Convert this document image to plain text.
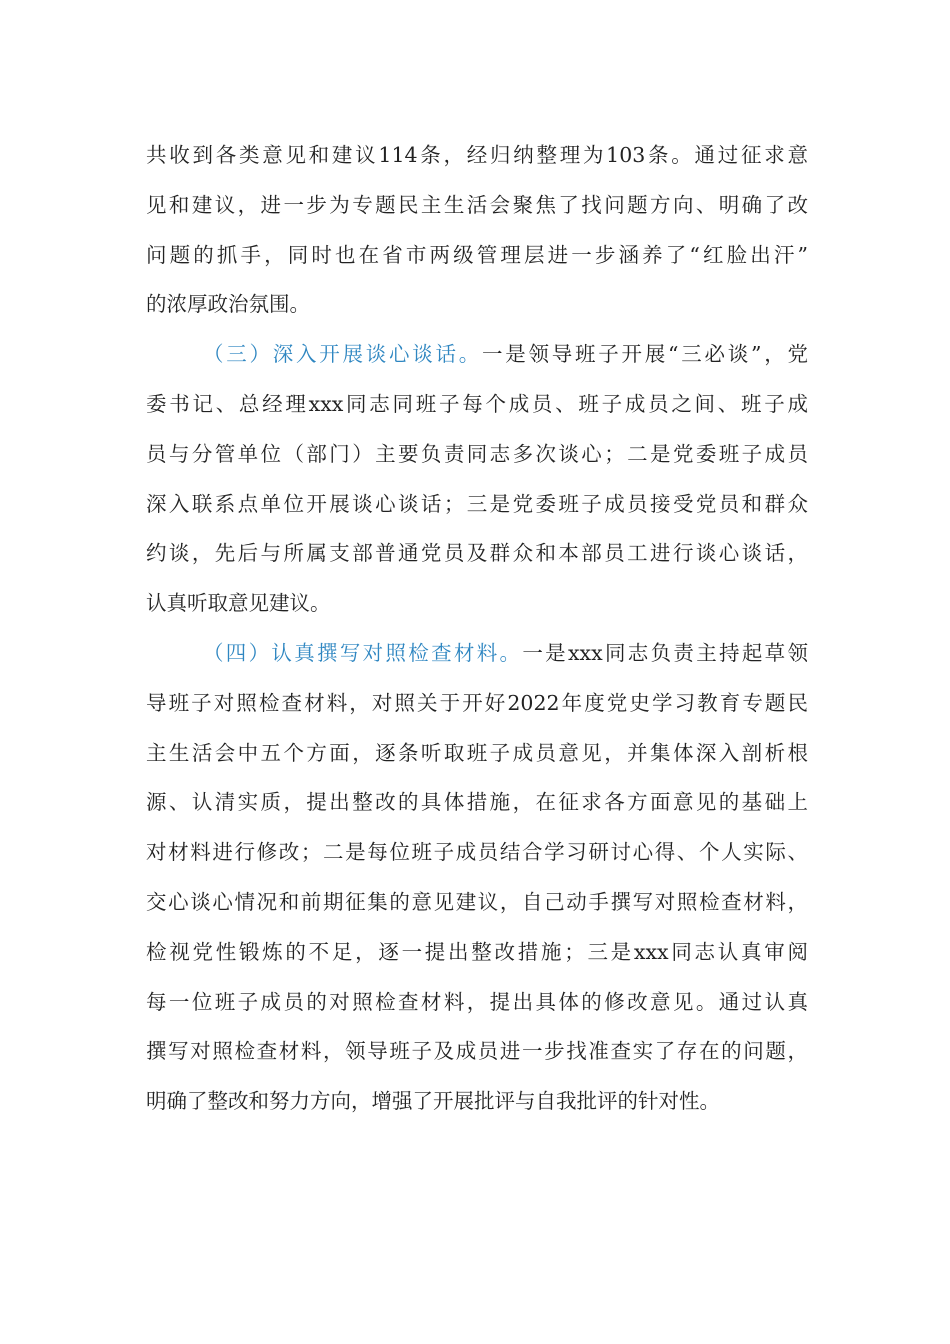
共收到各类意见和建议114条，经归纳整理为103条。通过征求意
见和建议，进一步为专题民主生活会聚焦了找问题方向、明确了改
问题的抓手，同时也在省市两级管理层进一步涵养了“红脸出汗”
的浓厚政治氛围。
（三）深入开展谈心谈话。一是领导班子开展“三必谈”，党
委书记、总经理xxx同志同班子每个成员、班子成员之间、班子成
员与分管单位（部门）主要负责同志多次谈心；二是党委班子成员
深入联系点单位开展谈心谈话；三是党委班子成员接受党员和群众
约谈，先后与所属支部普通党员及群众和本部员工进行谈心谈话，
认真听取意见建议。
（四）认真撰写对照检查材料。一是xxx同志负责主持起草领
导班子对照检查材料，对照关于开好2022年度党史学习教育专题民
主生活会中五个方面，逐条听取班子成员意见，并集体深入剖析根
源、认清实质，提出整改的具体措施，在征求各方面意见的基础上
对材料进行修改；二是每位班子成员结合学习研讨心得、个人实际、
交心谈心情况和前期征集的意见建议，自己动手撰写对照检查材料，
检视党性锻炼的不足，逐一提出整改措施；三是xxx同志认真审阅
每一位班子成员的对照检查材料，提出具体的修改意见。通过认真
撰写对照检查材料，领导班子及成员进一步找准查实了存在的问题，
明确了整改和努力方向，增强了开展批评与自我批评的针对性。
